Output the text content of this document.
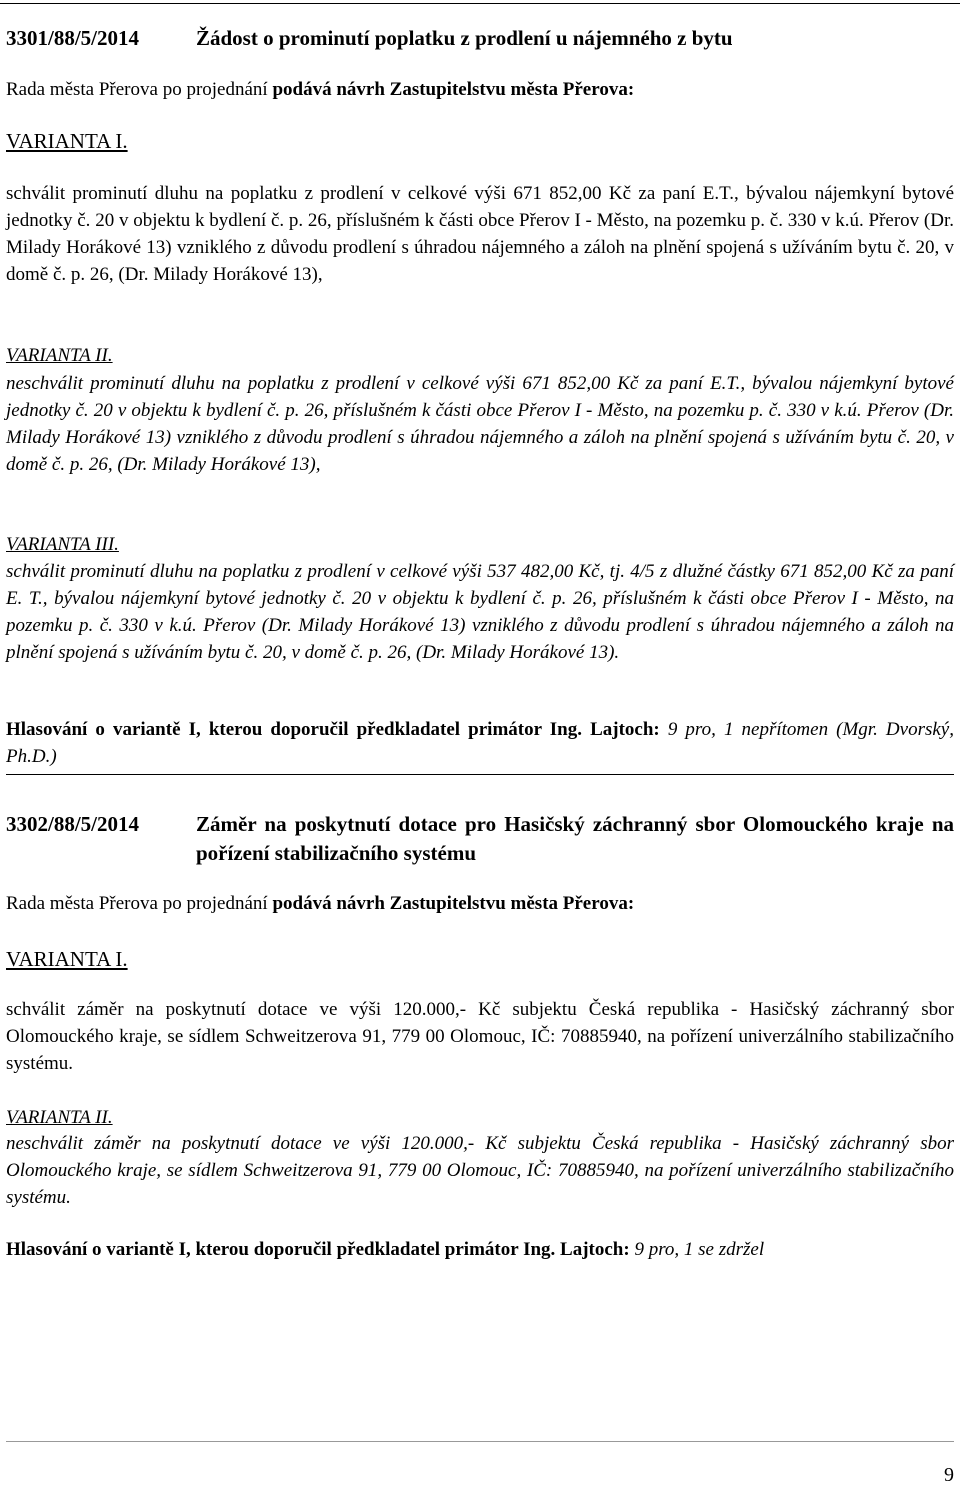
3301/88/5/2014	Žádost o prominutí poplatku z prodlení u nájemného z bytu
Rada města Přerova po projednání podává návrh Zastupitelstvu města Přerova:
VARIANTA I.
schválit prominutí dluhu na poplatku z prodlení v celkové výši 671 852,00 Kč za paní E.T., bývalou nájemkyní bytové jednotky č. 20 v objektu k bydlení č. p. 26, příslušném k části obce Přerov I - Město, na pozemku p. č. 330 v k.ú. Přerov (Dr. Milady Horákové 13) vzniklého z důvodu prodlení s úhradou nájemného a záloh na plnění spojená s užíváním bytu č. 20, v domě č. p. 26, (Dr. Milady Horákové 13),
VARIANTA II.
neschválit prominutí dluhu na poplatku z prodlení v celkové výši 671 852,00 Kč za paní E.T., bývalou nájemkyní bytové jednotky č. 20 v objektu k bydlení č. p. 26, příslušném k části obce Přerov I - Město, na pozemku p. č. 330 v k.ú. Přerov (Dr. Milady Horákové 13) vzniklého z důvodu prodlení s úhradou nájemného a záloh na plnění spojená s užíváním bytu č. 20, v domě č. p. 26, (Dr. Milady Horákové 13),
VARIANTA III.
schválit prominutí dluhu na poplatku z prodlení v celkové výši 537 482,00 Kč, tj. 4/5 z dlužné částky 671 852,00 Kč za paní E. T., bývalou nájemkyní bytové jednotky č. 20 v objektu k bydlení č. p. 26, příslušném k části obce Přerov I - Město, na pozemku p. č. 330 v k.ú. Přerov (Dr. Milady Horákové 13) vzniklého z důvodu prodlení s úhradou nájemného a záloh na plnění spojená s užíváním bytu č. 20, v domě č. p. 26, (Dr. Milady Horákové 13).
Hlasování o variantě I, kterou doporučil předkladatel primátor Ing. Lajtoch: 9 pro, 1 nepřítomen (Mgr. Dvorský, Ph.D.)
3302/88/5/2014	Záměr na poskytnutí dotace pro Hasičský záchranný sbor Olomouckého kraje na pořízení stabilizačního systému
Rada města Přerova po projednání podává návrh Zastupitelstvu města Přerova:
VARIANTA I.
schválit záměr na poskytnutí dotace ve výši 120.000,- Kč subjektu Česká republika - Hasičský záchranný sbor Olomouckého kraje, se sídlem Schweitzerova 91, 779 00 Olomouc, IČ: 70885940, na pořízení univerzálního stabilizačního systému.
VARIANTA II.
neschválit záměr na poskytnutí dotace ve výši 120.000,- Kč subjektu Česká republika - Hasičský záchranný sbor Olomouckého kraje, se sídlem Schweitzerova 91, 779 00 Olomouc, IČ: 70885940, na pořízení univerzálního stabilizačního systému.
Hlasování o variantě I, kterou doporučil předkladatel primátor Ing. Lajtoch: 9 pro, 1 se zdržel
9
